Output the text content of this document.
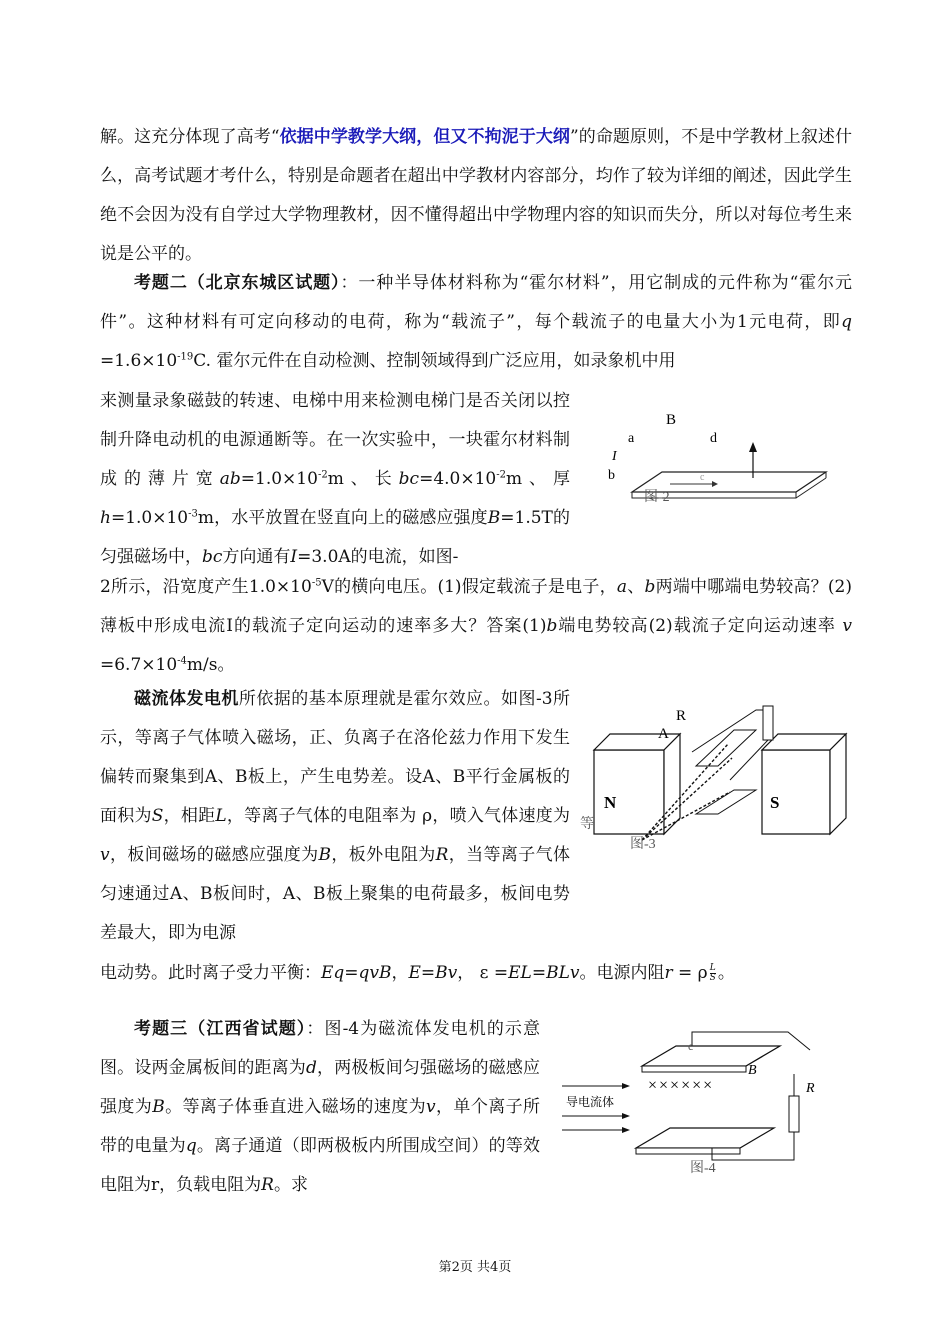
解。这充分体现了高考“依据中学教学大纲，但又不拘泥于大纲”的命题原则，不是中学教材上叙述什么，高考试题才考什么，特别是命题者在超出中学教材内容部分，均作了较为详细的阐述，因此学生绝不会因为没有自学过大学物理教材，因不懂得超出中学物理内容的知识而失分，所以对每位考生来说是公平的。

考题二（北京东城区试题）：一种半导体材料称为“霍尔材料”，用它制成的元件称为“霍尔元件”。这种材料有可定向移动的电荷，称为“载流子”，每个载流子的电量大小为1元电荷，即$q =1.6\times 10^{-19}C$. 霍尔元件在自动检测、控制领域得到广泛应用，如录象机中用

来测量录象磁鼓的转速、电梯中用来检测电梯门是否关闭以控制升降电动机的电源通断等。在一次实验中，一块霍尔材料制成的薄片宽$ab=1.0\times 10^{-2}m$、长$bc=4.0\times 10^{-2}m$、厚$h=1.0\times 10^{-3}m$，水平放置在竖直向上的磁感应强度B=1.5T的匀强磁场中，bc方向通有I=3.0A的电流，如图-

2所示，沿宽度产生$1.0\times 10^{-5}V$的横向电压。(1)假定载流子是电子，a、b两端中哪端电势较高？(2)薄板中形成电流I的载流子定向运动的速率多大？答案(1)b端电势较高(2)载流子定向运动速率 $v =6.7\times 10^{-4}m/s$。

B
a	d
I
b	c
图-2

磁流体发电机所依据的基本原理就是霍尔效应。如图-3所示，等离子气体喷入磁场，正、负离子在洛伦兹力作用下发生偏转而聚集到A、B板上，产生电势差。设A、B平行金属板的面积为S，相距L，等离子气体的电阻率为 ρ，喷入气体速度为v，板间磁场的磁感应强度为B，板外电阻为R，当等离子气体匀速通过A、B板间时，A、B板上聚集的电荷最多，板间电势差最大，即为电源

电动势。此时离子受力平衡：Eq=qvB，E=Bv， ε =EL=BLv。电源内阻r = ρ $\frac{L}{S}$ 。

R
A
N	S
等
图-3

考题三（江西省试题）：图-4为磁流体发电机的示意图。设两金属板间的距离为d，两极板间匀强磁场的磁感应强度为B。等离子体垂直进入磁场的速度为v，单个离子所带的电量为q。离子通道（即两极板内所围成空间）的等效电阻为r，负载电阻为R。求

c
××××××
B
R
导电流体
图-4
第2页 共4页
